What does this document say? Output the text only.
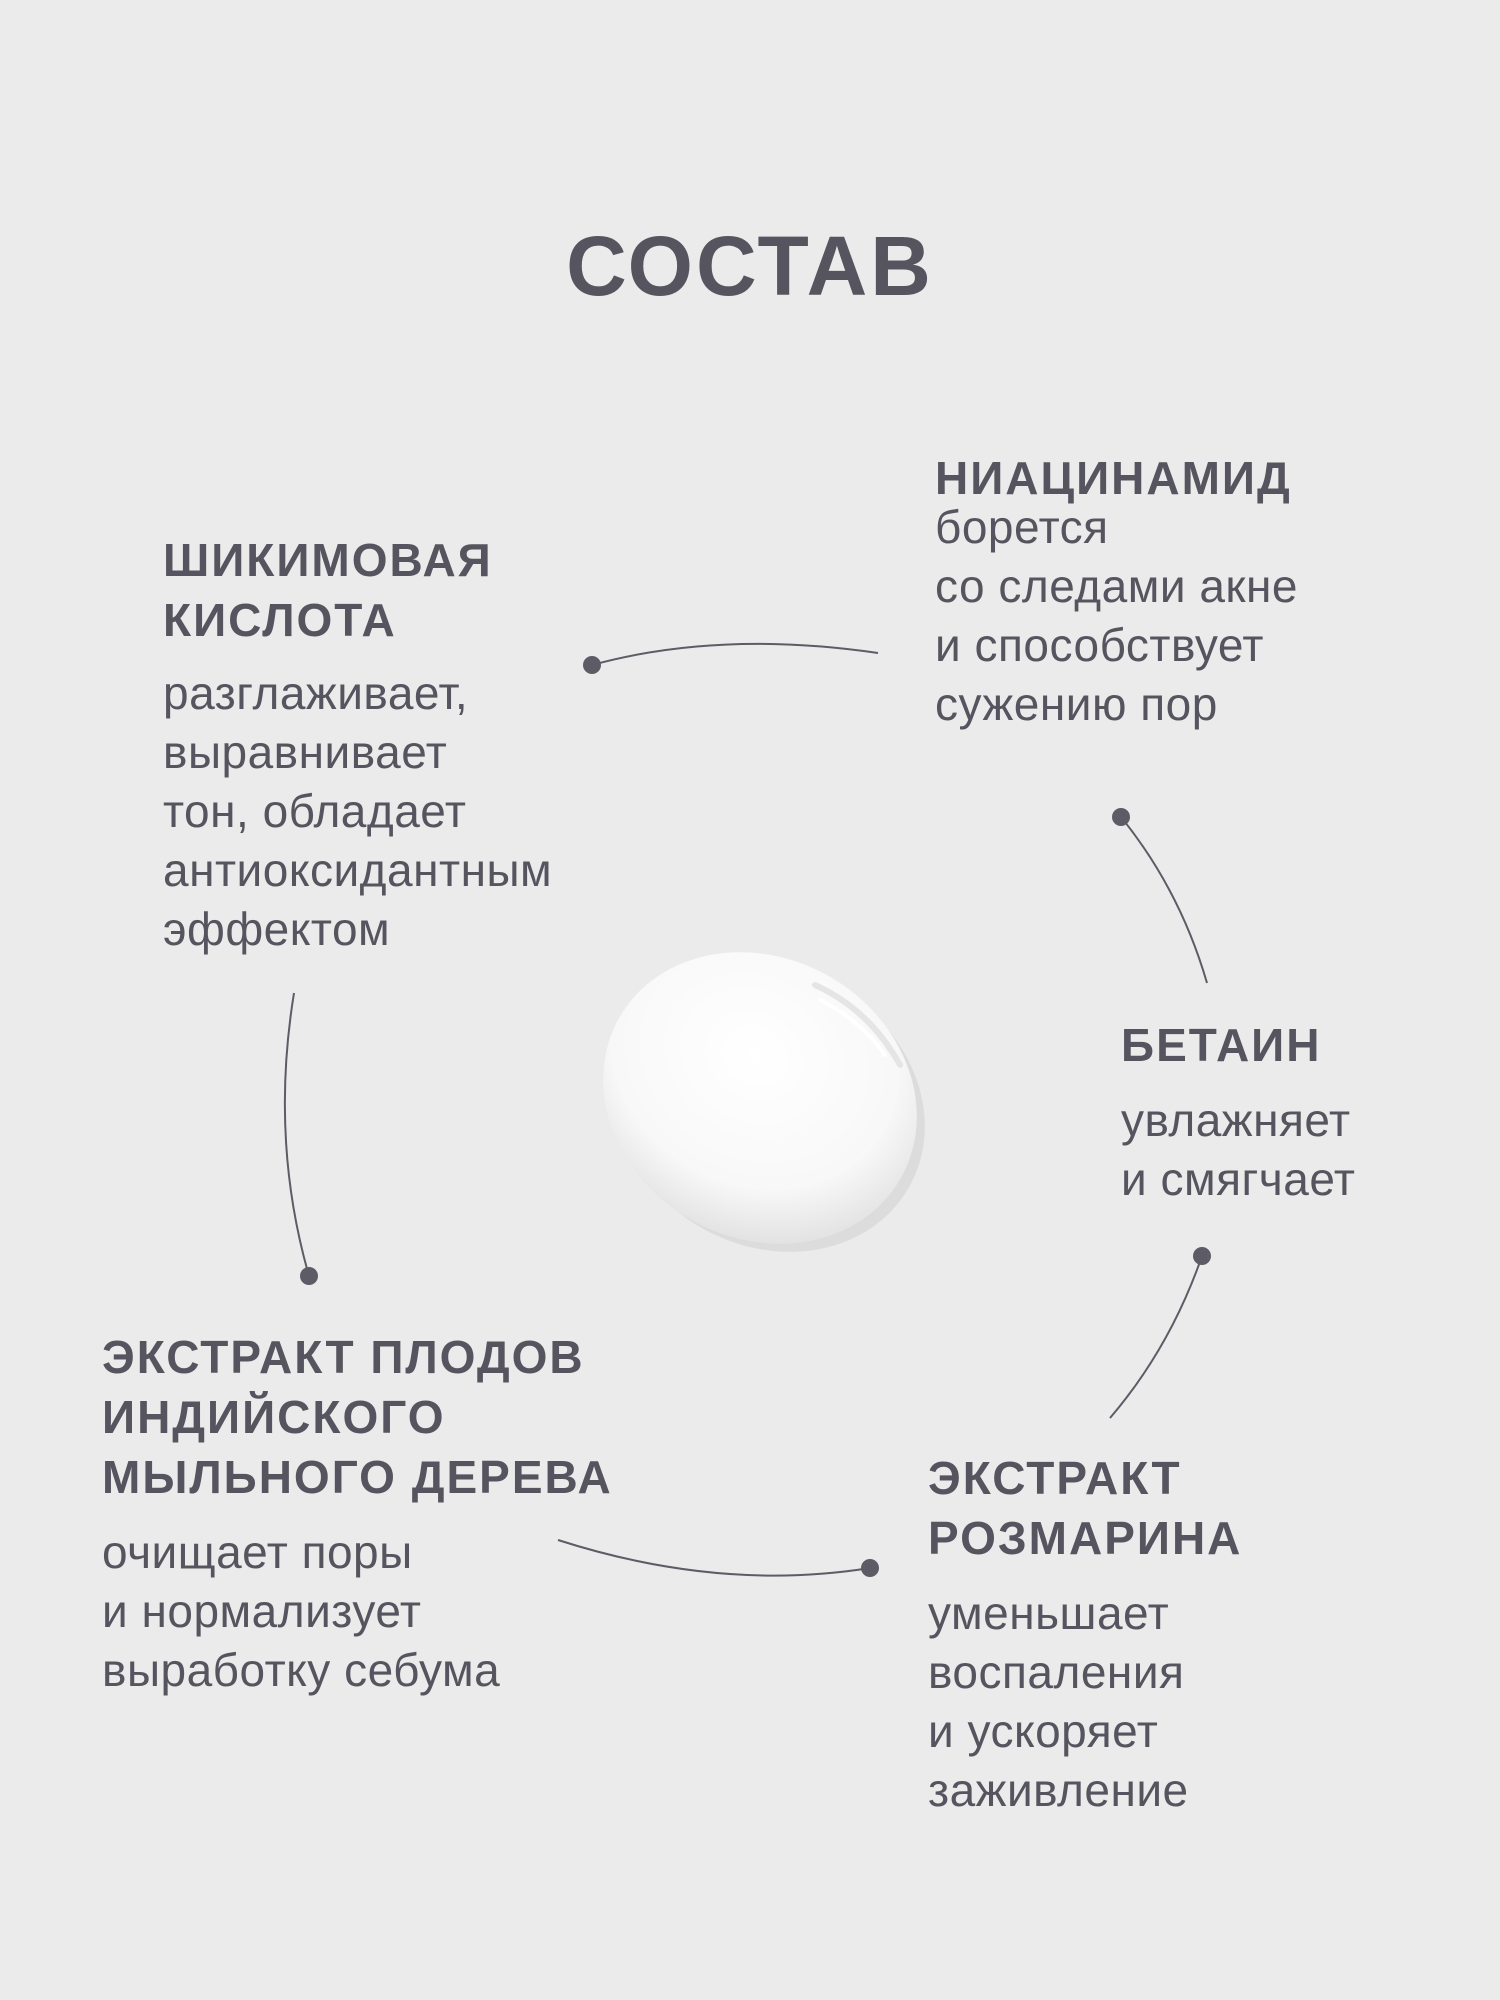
СОСТАВ
ШИКИМОВАЯ
КИСЛОТА
разглаживает,
выравнивает
тон, обладает
антиоксидантным
эффектом
НИАЦИНАМИД
борется
со следами акне
и способствует
сужению пор
БЕТАИН
увлажняет
и смягчает
ЭКСТРАКТ ПЛОДОВ
ИНДИЙСКОГО
МЫЛЬНОГО ДЕРЕВА
очищает поры
и нормализует
выработку себума
ЭКСТРАКТ
РОЗМАРИНА
уменьшает
воспаления
и ускоряет
заживление
